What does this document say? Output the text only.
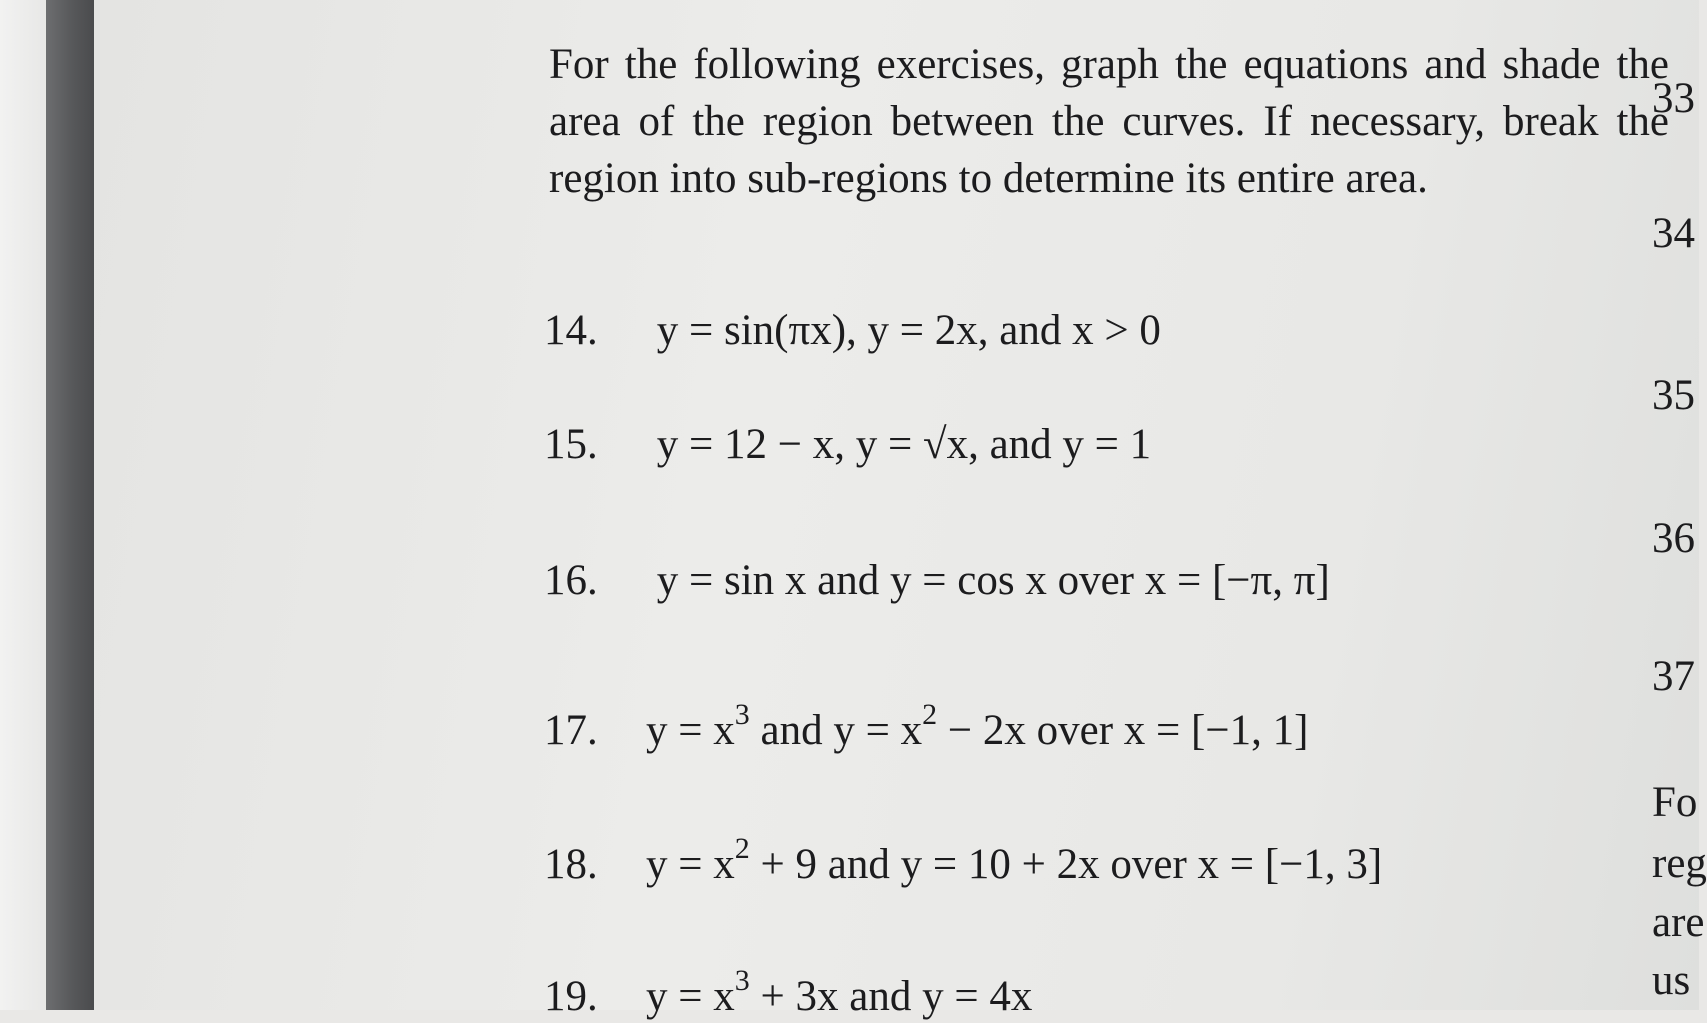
For the following exercises, graph the equations and shade the area of the region between the curves. If necessary, break the region into sub-regions to determine its entire area.

14. y = sin(πx), y = 2x, and x > 0

15. y = 12 − x, y = √x, and y = 1

16. y = sin x and y = cos x over x = [−π, π]

17. $y = x^3$ and $y = x^2 - 2x$ over x = [−1, 1]

18. $y = x^2 + 9$ and y = 10 + 2x over x = [−1, 3]

19. $y = x^3 + 3x$ and y = 4x

33

34

35

36

37

Fo

reg

are

us
